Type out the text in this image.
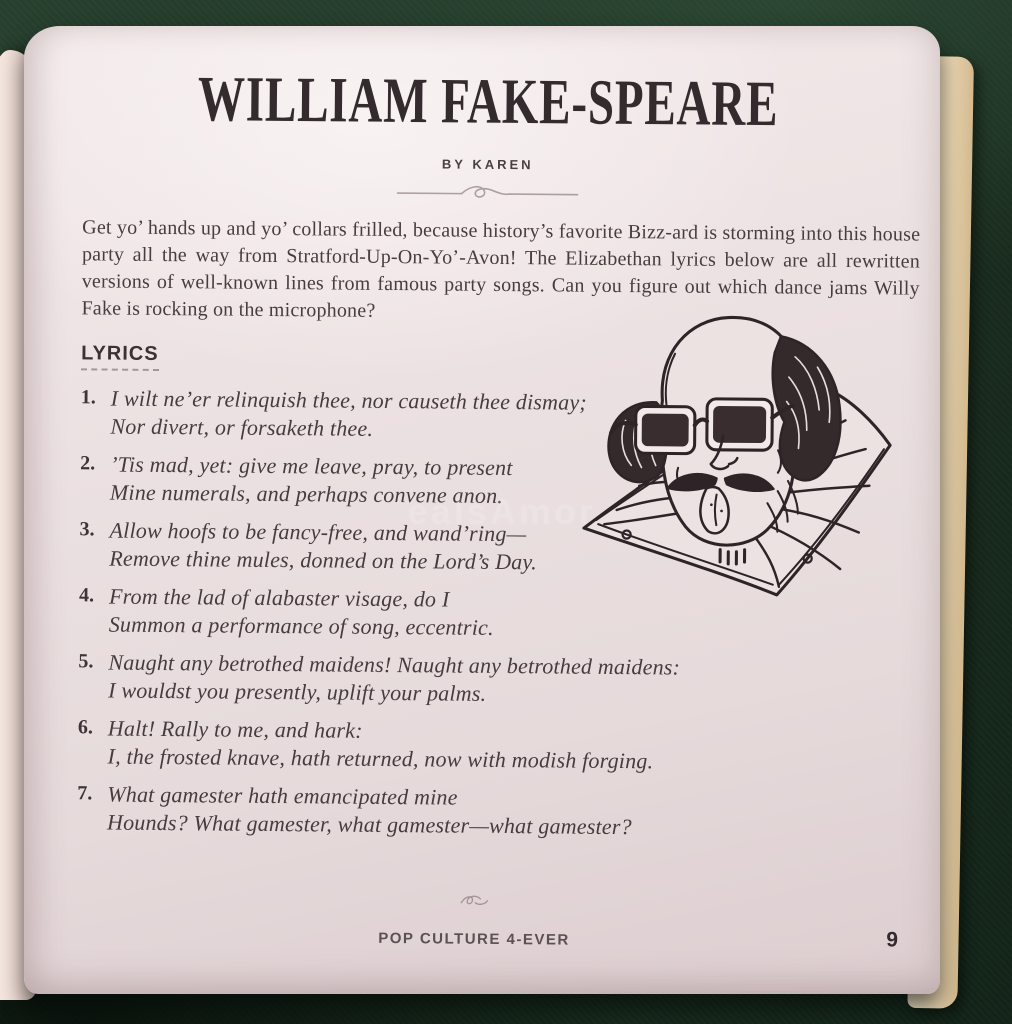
WILLIAM FAKE-SPEARE
BY KAREN

Get yo’ hands up and yo’ collars frilled, because history’s favorite Bizz-ard is storming into this house party all the way from Stratford-Up-On-Yo’-Avon! The Elizabethan lyrics below are all rewritten versions of well-known lines from famous party songs. Can you figure out which dance jams Willy Fake is rocking on the microphone?

LYRICS
1. I wilt ne’er relinquish thee, nor causeth thee dismay;
Nor divert, or forsaketh thee.
2. ’Tis mad, yet: give me leave, pray, to present
Mine numerals, and perhaps convene anon.
3. Allow hoofs to be fancy-free, and wand’ring—
Remove thine mules, donned on the Lord’s Day.
4. From the lad of alabaster visage, do I
Summon a performance of song, eccentric.
5. Naught any betrothed maidens! Naught any betrothed maidens:
I wouldst you presently, uplift your palms.
6. Halt! Rally to me, and hark:
I, the frosted knave, hath returned, now with modish forging.
7. What gamester hath emancipated mine
Hounds? What gamester, what gamester—what gamester?
ealsAmor
POP CULTURE 4-EVER	9
